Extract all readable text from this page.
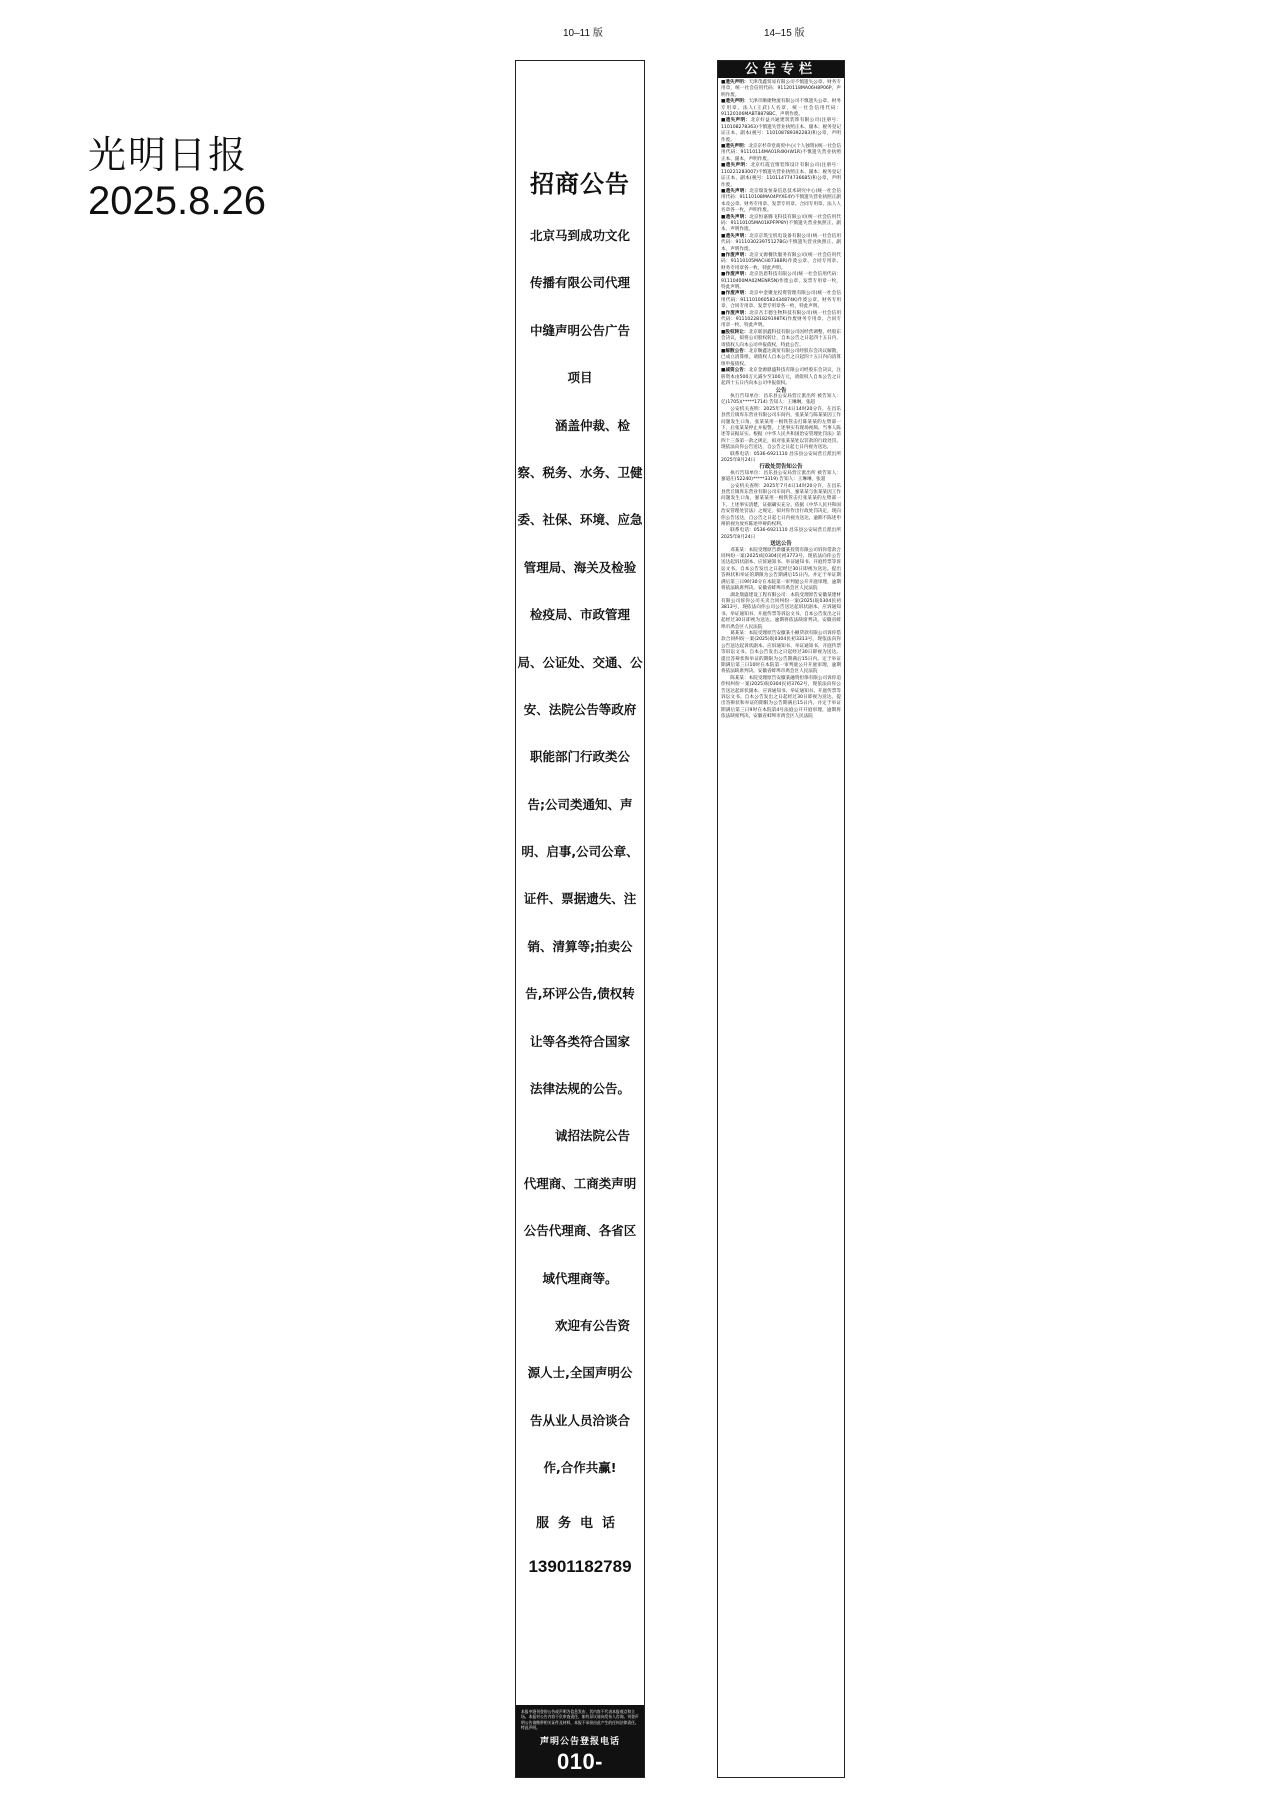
光明日报
2025.8.26
10–11 版	14–15 版
招商公告
北京马到成功文化
传播有限公司代理
中缝声明公告广告
项目
涵盖仲裁、检
察、税务、水务、卫健
委、社保、环境、应急
管理局、海关及检验
检疫局、市政管理
局、公证处、交通、公
安、法院公告等政府
职能部门行政类公
告;公司类通知、声
明、启事,公司公章、
证件、票据遗失、注
销、清算等;拍卖公
告,环评公告,债权转
让等各类符合国家
法律法规的公告。
诚招法院公告
代理商、工商类声明
公告代理商、各省区
域代理商等。
欢迎有公告资
源人士,全国声明公
告从业人员洽谈合
作,合作共赢!
服务电话
13901182789
本报中缝刊登的公告或声明为信息发布，其内容不代表本报观点和立场。本报对公告内容不负审查责任，如有异议请向发布人咨询。刊登声明公告请携带相关证件及材料，本报不承担由此产生的任何法律责任。特此声明。
声明公告登报电话
010-67616666
公告专栏

■遗失声明：天津茂鑫贸易有限公司不慎遗失公章、财务专用章，统一社会信用代码：91120118MA06H8P06P，声明作废。

■遗失声明：天津市顺捷物流有限公司不慎遗失公章、财务专用章、法人(王武)人名章，统一社会信用代码：91120106MABT8878BC，声明作废。

■遗失声明：北京好益兴通建筑装饰有限公司(注册号：110108278363)不慎遗失营业执照正本、副本；税务登记证正本、副本(税号：110108789392283)和公章，声明作废。

■遗失声明：北京京杉草堂商贸中心(个人独资)(统一社会信用代码：91110114MA01R4KHW1R)不慎遗失营业执照正本、副本，声明作废。

■遗失声明：北京红霞宜情装饰设计有限公司(注册号：110221283007)不慎遗失营业执照正本、副本；税务登记证正本、副本(税号：110114774736685)和公章，声明作废。

■遗失声明：北京瑞发恒泰信息技术研究中心(统一社会信用代码：91110108MA04PYXE4Y)不慎遗失营业执照正副本及公章、财务专用章、发票专用章、合同专用章、法人人名章各一枚，声明作废。

■遗失声明：北京恒嘉腾飞科技有限公司(统一社会信用代码：91110105MA01KPFPP8Y)不慎遗失营业执照正、副本，声明作废。

■遗失声明：北京京筑宝机电设备有限公司(统一社会信用代码：911103023975127BG)不慎遗失营业执照正、副本，声明作废。

■作废声明：北京文源餐饮服务有限公司(统一社会信用代码：91110105MACH0738BR)作废公章、合同专用章、财务专用章各一枚，特此声明。

■作废声明：北京浩恩科技有限公司(统一社会信用代码：91110400MA02MENR5N)作废公章、发票专用章一枚，特此声明。

■作废声明：北京中金聚龙投资管理有限公司(统一社会信用代码：911101060582434874K)作废公章、财务专用章、合同专用章、发票专用章各一枚，特此声明。

■作废声明：北京吾丰德生物科技有限公司(统一社会信用代码：911102281829198TK)作废财务专用章、合同专用章一枚，特此声明。

■股权转让：北京联创鑫科技有限公司因经营调整，经股东会决议，拟将公司股权转让，自本公告之日起四十五日内，请债权人向本公司申报债权，特此公告。

■解散公告：北京顺鑫达商贸有限公司经股东会决议解散，已成立清算组，请债权人自本公告之日起四十五日内向清算组申报债权。

■减资公告：北京金源鼎盛科技有限公司经股东会决议，注册资本由500万元减少至100万元，请债权人自本公告之日起四十五日内向本公司申报债权。

公告

执行告知单位：昌乐县公安局营丘派出所 被告知人：亿(1705)(*****1714) 告知人：王琳琳，张超

公安机关查明：2025年7月4日14时20分许，在昌乐县营丘镇库东营业有限公司车间内，张某某与陈某某因工作问题发生口角，张某某用一根铁管击打陈某某的左臂部一下，后张某某停止并报警。上述事实有现场视频、当事人陈述等证据证实。根据《中华人民共和国治安管理处罚法》第四十三条第一款之规定，拟对张某某处以罚款的行政处罚。现依法向你公告送达，自公告之日起七日内视为送达。

联系电话：0536-6921110 昌乐县公安局营丘派出所 2025年8月24日

行政处罚告知公告

执行告知单位：昌乐县公安局营丘派出所 被告知人：寥道庄(52240)*****3319) 告知人：王琳琳，张超

公安机关查明：2025年7月4日14时20分许，在昌乐县营丘镇库东营业有限公司车间内，寥某某与张某某因工作问题发生口角，寥某某用一根铁管击打张某某的左臂部一下。上述事实清楚，证据确实充分。依据《中华人民共和国治安管理处罚法》之规定，拟对你作出行政处罚决定，现向你公告送达，自公告之日起七日内视为送达，逾期不陈述申辩的视为放弃陈述申辩的权利。

联系电话：0536-6921110 昌乐县公安局营丘派出所 2025年8月24日

送达公告

邓某某：本院受理原告新疆某投资有限公司诉你借款合同纠纷一案(2025)皖0304民初3773号，现依法向你公告送达起诉状副本、应诉通知书、举证通知书、开庭传票等诉讼文书。自本公告发出之日起经过30日即视为送达。提出答辩状和举证的期限为公告期满后15日内。并定于举证期满后第三日9时30分在本院第一审判庭公开开庭审理，逾期将依法缺席判决。安徽省蚌埠市禹会区人民法院

湖北鼎盛建设工程有限公司：本院受理原告安徽某建材有限公司诉你公司买卖合同纠纷一案(2025)皖0304民初3813号，现依法向你公司公告送达起诉状副本、应诉通知书、举证通知书、开庭传票等诉讼文书。自本公告发出之日起经过30日即视为送达。逾期将依法缺席判决。安徽省蚌埠市禹会区人民法院

葛某某：本院受理原告安徽某小额贷款有限公司诉你借款合同纠纷一案(2025)皖0304民初3313号，现依法向你公告送达起诉状副本、应诉通知书、举证通知书、开庭传票等诉讼文书。自本公告发出之日起经过30日即视为送达。提出答辩状和举证的期限为公告期满后15日内。定于举证期满后第三日10时在本院第一审判庭公开开庭审理，逾期将依法缺席判决。安徽省蚌埠市禹会区人民法院

陈某某：本院受理原告安徽某融资担保有限公司诉你追偿权纠纷一案(2025)皖0304民初3762号，现依法向你公告送达起诉状副本、应诉通知书、举证通知书、开庭传票等诉讼文书。自本公告发出之日起经过30日即视为送达。提出答辩状和举证的期限为公告期满后15日内。并定于举证期满后第三日9时在本院第4号法庭公开开庭审理，逾期将依法缺席判决。安徽省蚌埠市禹会区人民法院
